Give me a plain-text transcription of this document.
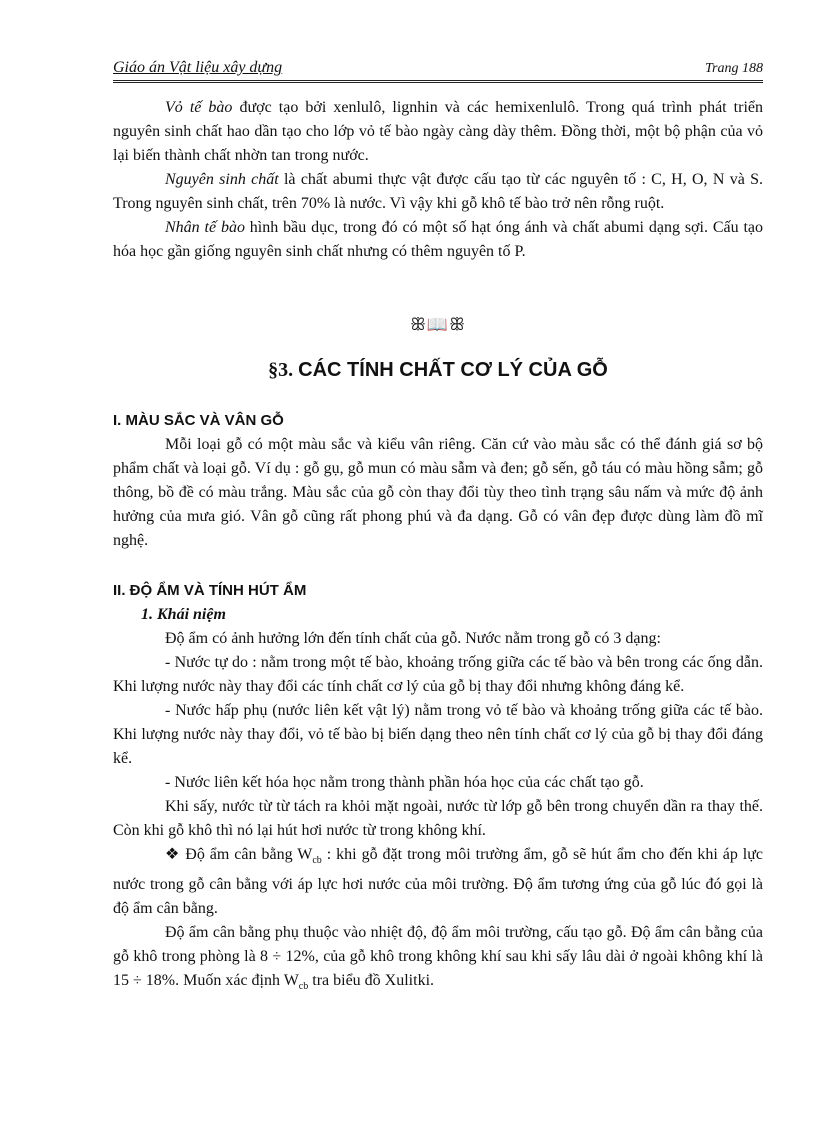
Giáo án Vật liệu xây dựng	Trang 188

Vỏ tế bào được tạo bởi xenlulô, lignhin và các hemixenlulô. Trong quá trình phát triển nguyên sinh chất hao dần tạo cho lớp vỏ tế bào ngày càng dày thêm. Đồng thời, một bộ phận của vỏ lại biến thành chất nhờn tan trong nước.

Nguyên sinh chất là chất abumi thực vật được cấu tạo từ các nguyên tố : C, H, O, N và S. Trong nguyên sinh chất, trên 70% là nước. Vì vậy khi gỗ khô tế bào trở nên rỗng ruột.

Nhân tế bào hình bầu dục, trong đó có một số hạt óng ánh và chất abumi dạng sợi. Cấu tạo hóa học gần giống nguyên sinh chất nhưng có thêm nguyên tố P.

ꕥ📖ꕥ
§3. CÁC TÍNH CHẤT CƠ LÝ CỦA GỖ
I. MÀU SẮC VÀ VÂN GỖ

Mỗi loại gỗ có một màu sắc và kiểu vân riêng. Căn cứ vào màu sắc có thể đánh giá sơ bộ phẩm chất và loại gỗ. Ví dụ : gỗ gụ, gỗ mun có màu sẫm và đen; gỗ sến, gỗ táu có màu hồng sẫm; gỗ thông, bồ đề có màu trắng. Màu sắc của gỗ còn thay đổi tùy theo tình trạng sâu nấm và mức độ ảnh hưởng của mưa gió. Vân gỗ cũng rất phong phú và đa dạng. Gỗ có vân đẹp được dùng làm đồ mĩ nghệ.

II. ĐỘ ẨM VÀ TÍNH HÚT ẨM
1. Khái niệm

Độ ẩm có ảnh hưởng lớn đến tính chất của gỗ. Nước nằm trong gỗ có 3 dạng:

- Nước tự do : nằm trong một tế bào, khoảng trống giữa các tế bào và bên trong các ống dẫn. Khi lượng nước này thay đổi các tính chất cơ lý của gỗ bị thay đổi nhưng không đáng kể.

- Nước hấp phụ (nước liên kết vật lý) nằm trong vỏ tế bào và khoảng trống giữa các tế bào. Khi lượng nước này thay đổi, vỏ tế bào bị biến dạng theo nên tính chất cơ lý của gỗ bị thay đổi đáng kể.

- Nước liên kết hóa học nằm trong thành phần hóa học của các chất tạo gỗ.

Khi sấy, nước từ từ tách ra khỏi mặt ngoài, nước từ lớp gỗ bên trong chuyển dần ra thay thế. Còn khi gỗ khô thì nó lại hút hơi nước từ trong không khí.

❖ Độ ẩm cân bằng $W_{cb}$ : khi gỗ đặt trong môi trường ẩm, gỗ sẽ hút ẩm cho đến khi áp lực nước trong gỗ cân bằng với áp lực hơi nước của môi trường. Độ ẩm tương ứng của gỗ lúc đó gọi là độ ẩm cân bằng.

Độ ẩm cân bằng phụ thuộc vào nhiệt độ, độ ẩm môi trường, cấu tạo gỗ. Độ ẩm cân bằng của gỗ khô trong phòng là 8 ÷ 12%, của gỗ khô trong không khí sau khi sấy lâu dài ở ngoài không khí là 15 ÷ 18%. Muốn xác định $W_{cb}$ tra biểu đồ Xulitki.
